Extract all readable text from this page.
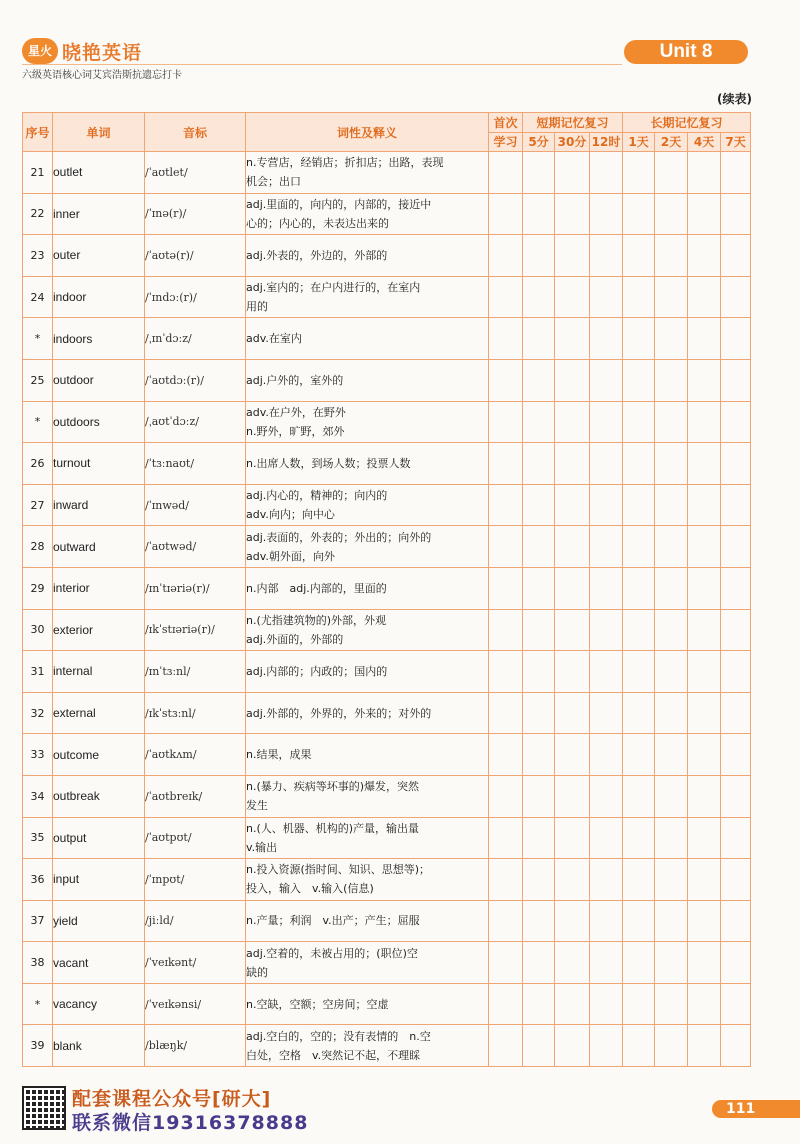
星火 晓艳英语
六级英语核心词艾宾浩斯抗遗忘打卡
Unit 8
(续表)
序号	单词	音标	词性及释义	首次	短期记忆复习			长期记忆复习			
				学习	5分	30分	12时	1天	2天	4天	7天
21	outlet	/ˈaʊtlet/	n.专营店，经销店；折扣店；出路，表现
机会；出口								

22	inner	/ˈɪnə(r)/	adj.里面的，向内的，内部的，接近中
心的；内心的，未表达出来的								

23	outer	/ˈaʊtə(r)/	adj.外表的，外边的，外部的								

24	indoor	/ˈɪndɔː(r)/	adj.室内的；在户内进行的，在室内
用的								

*	indoors	/ˌɪnˈdɔːz/	adv.在室内								

25	outdoor	/ˈaʊtdɔː(r)/	adj.户外的，室外的								

*	outdoors	/ˌaʊtˈdɔːz/	adv.在户外，在野外
n.野外，旷野，郊外								

26	turnout	/ˈtɜːnaʊt/	n.出席人数，到场人数；投票人数								

27	inward	/ˈɪnwəd/	adj.内心的，精神的；向内的
adv.向内；向中心								

28	outward	/ˈaʊtwəd/	adj.表面的，外表的；外出的；向外的
adv.朝外面，向外								

29	interior	/ɪnˈtɪəriə(r)/	n.内部　adj.内部的，里面的								

30	exterior	/ɪkˈstɪəriə(r)/	n.(尤指建筑物的)外部，外观
adj.外面的，外部的								

31	internal	/ɪnˈtɜːnl/	adj.内部的；内政的；国内的								

32	external	/ɪkˈstɜːnl/	adj.外部的，外界的，外来的；对外的								

33	outcome	/ˈaʊtkʌm/	n.结果，成果								

34	outbreak	/ˈaʊtbreɪk/	n.(暴力、疾病等坏事的)爆发，突然
发生								

35	output	/ˈaʊtpʊt/	n.(人、机器、机构的)产量，输出量
v.输出								

36	input	/ˈɪnpʊt/	n.投入资源(指时间、知识、思想等)；
投入，输入　v.输入(信息)								

37	yield	/jiːld/	n.产量；利润　v.出产；产生；屈服								

38	vacant	/ˈveɪkənt/	adj.空着的，未被占用的；(职位)空
缺的								

*	vacancy	/ˈveɪkənsi/	n.空缺，空额；空房间；空虚								

39	blank	/blæŋk/	adj.空白的，空的；没有表情的　n.空
白处，空格　v.突然记不起，不理睬								

配套课程公众号[研大]
联系微信19316378888
111
